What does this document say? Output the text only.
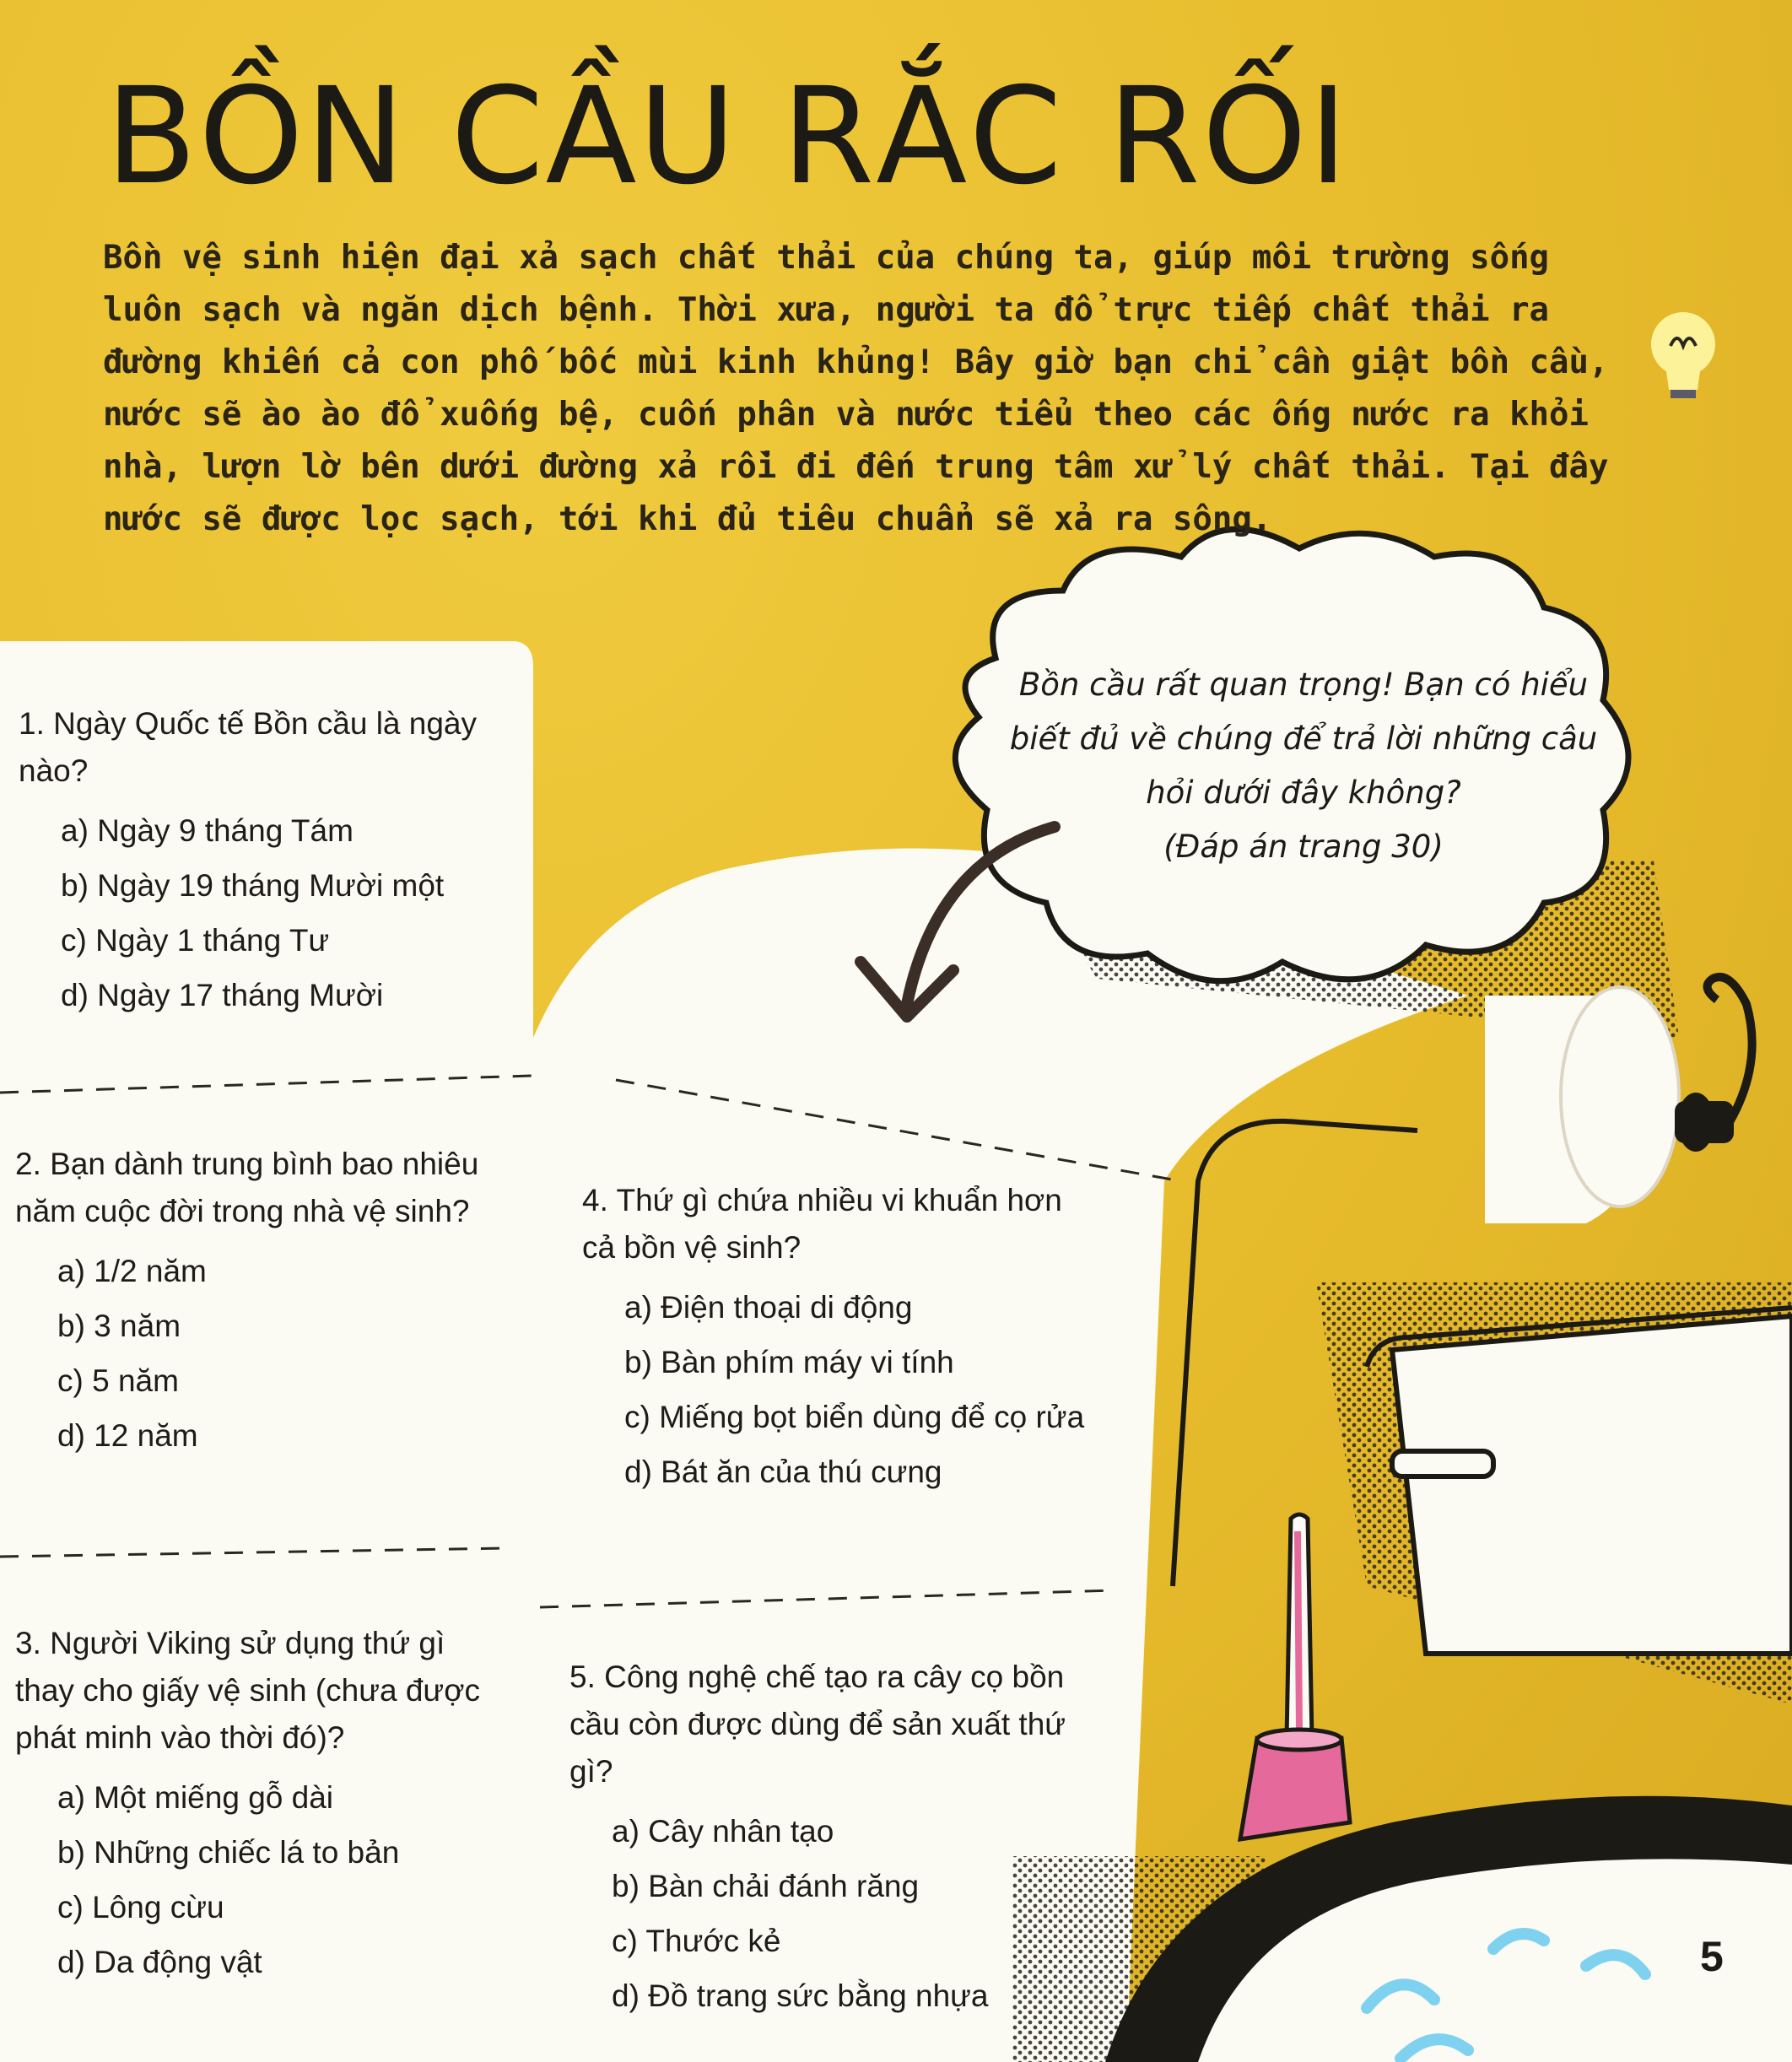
BỒN CẦU RẮC RỐI

Bồn vệ sinh hiện đại xả sạch chất thải của chúng ta, giúp môi trường sống luôn sạch và ngăn dịch bệnh. Thời xưa, người ta đổ trực tiếp chất thải ra đường khiến cả con phố bốc mùi kinh khủng! Bây giờ bạn chỉ cần giật bồn cầu, nước sẽ ào ào đổ xuống bệ, cuốn phân và nước tiểu theo các ống nước ra khỏi nhà, lượn lờ bên dưới đường xả rồi đi đến trung tâm xử lý chất thải. Tại đây nước sẽ được lọc sạch, tới khi đủ tiêu chuẩn sẽ xả ra sông.

Bồn cầu rất quan trọng! Bạn có hiểu biết đủ về chúng để trả lời những câu hỏi dưới đây không?
(Đáp án trang 30)
1. Ngày Quốc tế Bồn cầu là ngày nào?
a) Ngày 9 tháng Tám
b) Ngày 19 tháng Mười một
c) Ngày 1 tháng Tư
d) Ngày 17 tháng Mười
2. Bạn dành trung bình bao nhiêu năm cuộc đời trong nhà vệ sinh?
a) 1/2 năm
b) 3 năm
c) 5 năm
d) 12 năm
3. Người Viking sử dụng thứ gì thay cho giấy vệ sinh (chưa được phát minh vào thời đó)?
a) Một miếng gỗ dài
b) Những chiếc lá to bản
c) Lông cừu
d) Da động vật
4. Thứ gì chứa nhiều vi khuẩn hơn cả bồn vệ sinh?
a) Điện thoại di động
b) Bàn phím máy vi tính
c) Miếng bọt biển dùng để cọ rửa
d) Bát ăn của thú cưng
5. Công nghệ chế tạo ra cây cọ bồn cầu còn được dùng để sản xuất thứ gì?
a) Cây nhân tạo
b) Bàn chải đánh răng
c) Thước kẻ
d) Đồ trang sức bằng nhựa
5
